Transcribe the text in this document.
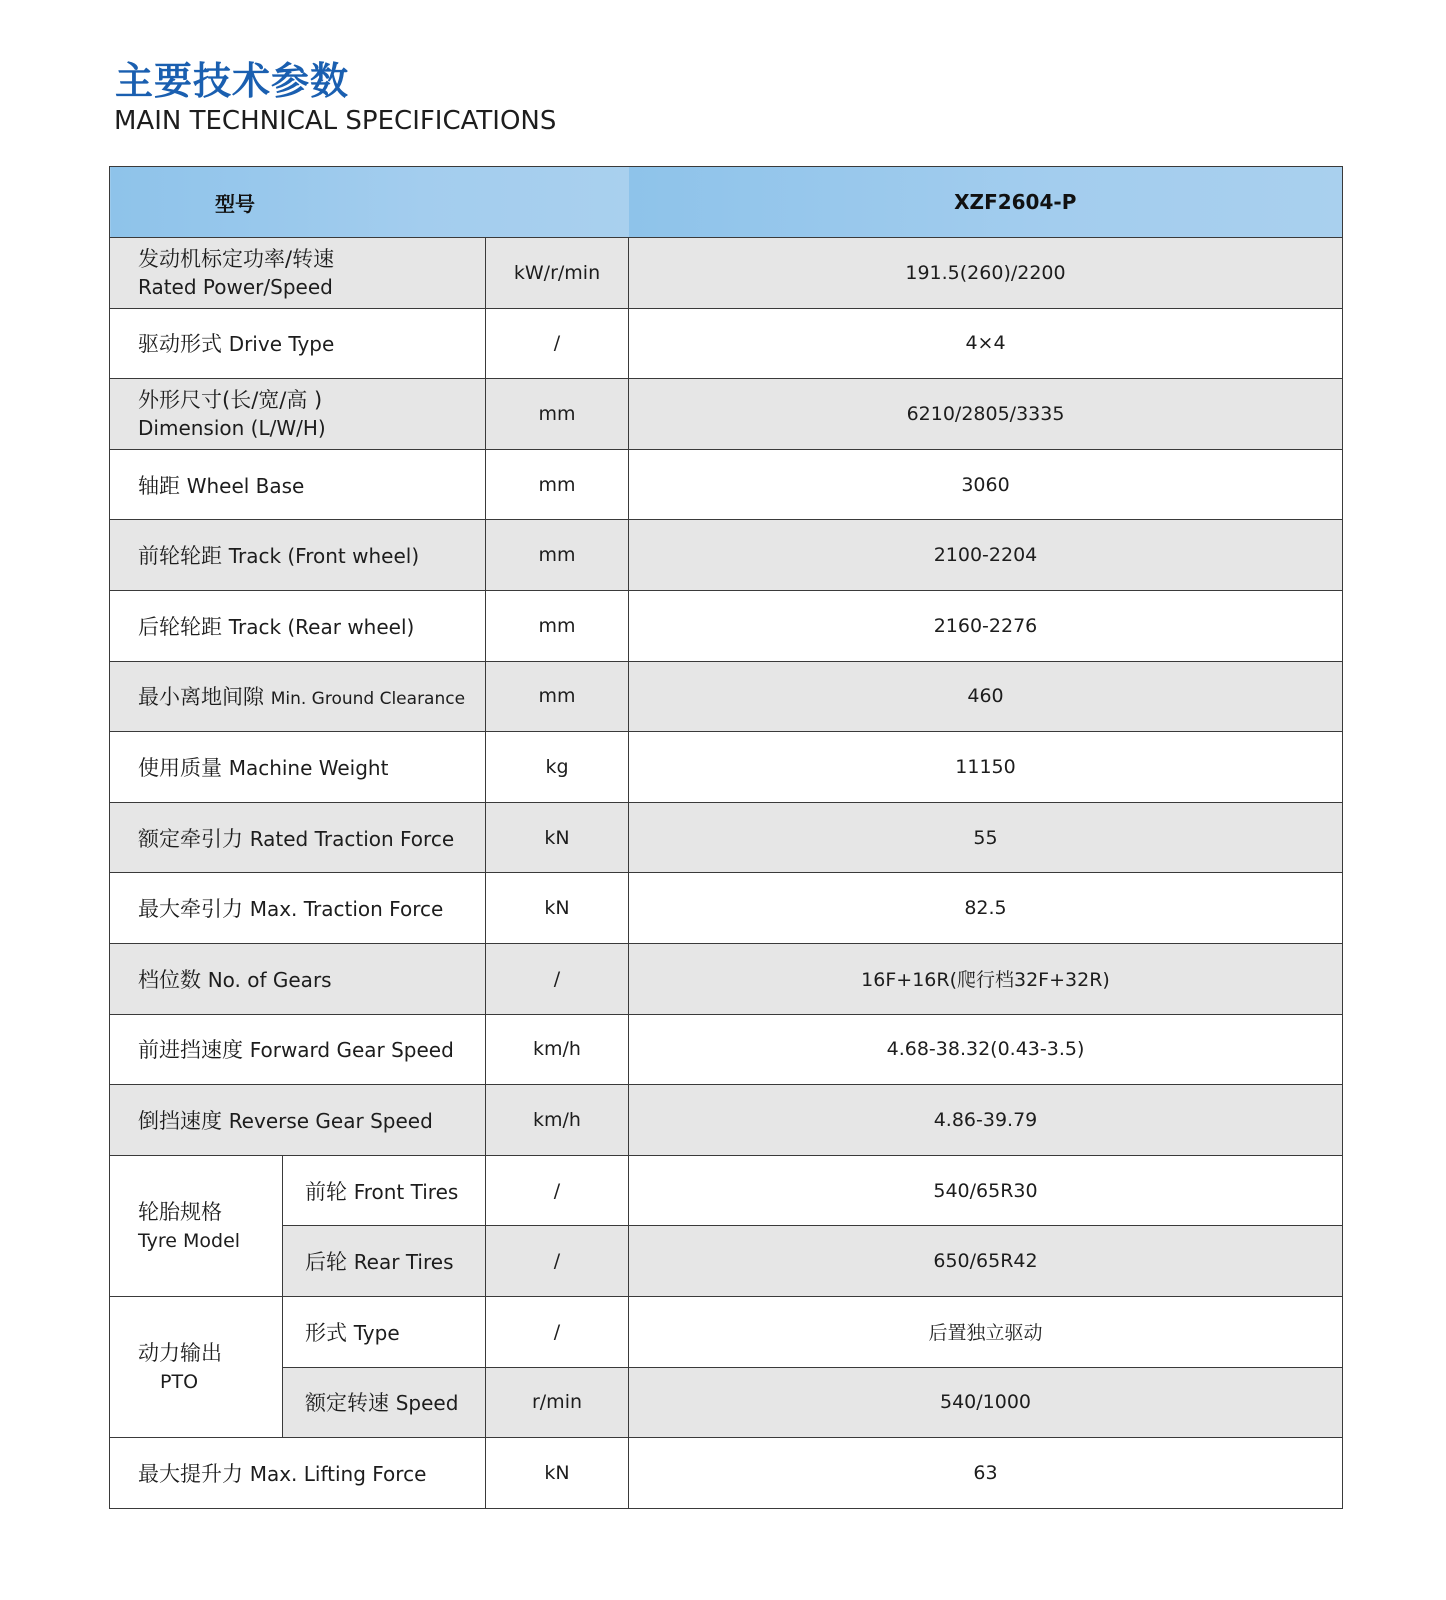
主要技术参数
MAIN TECHNICAL SPECIFICATIONS
型号			XZF2604-P

发动机标定功率/转速
Rated Power/Speed		kW/r/min	191.5(260)/2200
驱动形式 Drive Type		/	4×4

外形尺寸(长/宽/高 )
Dimension (L/W/H)		mm	6210/2805/3335
轴距 Wheel Base		mm	3060
前轮轮距 Track (Front wheel)		mm	2100-2204
后轮轮距 Track (Rear wheel)		mm	2160-2276
最小离地间隙 Min. Ground Clearance		mm	460
使用质量 Machine Weight		kg	11150
额定牵引力 Rated Traction Force		kN	55
最大牵引力 Max. Traction Force		kN	82.5
档位数 No. of Gears		/	16F+16R(爬行档32F+32R)
前进挡速度 Forward Gear Speed		km/h	4.68-38.32(0.43-3.5)
倒挡速度 Reverse Gear Speed		km/h	4.86-39.79

轮胎规格
Tyre Model	前轮 Front Tires	/	540/65R30
	后轮 Rear Tires	/	650/65R42

动力输出
PTO	形式 Type	/	后置独立驱动
	额定转速 Speed	r/min	540/1000
最大提升力 Max. Lifting Force		kN	63
